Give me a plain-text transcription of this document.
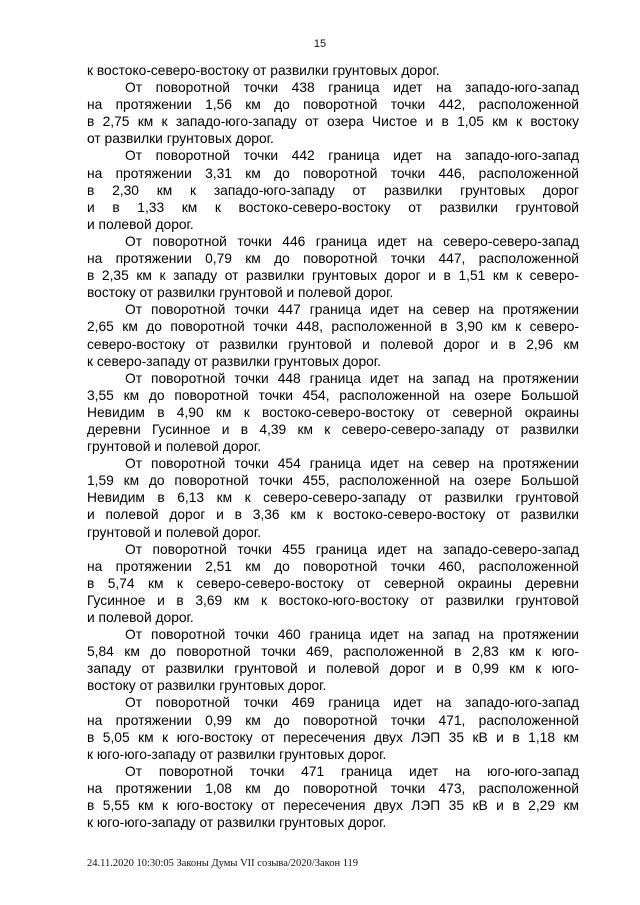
15
к востоко-северо-востоку от развилки грунтовых дорог.
От поворотной точки 438 граница идет на западо-юго-запад
на протяжении 1,56 км до поворотной точки 442, расположенной
в 2,75 км к западо-юго-западу от озера Чистое и в 1,05 км к востоку
от развилки грунтовых дорог.
От поворотной точки 442 граница идет на западо-юго-запад
на протяжении 3,31 км до поворотной точки 446, расположенной
в 2,30 км к западо-юго-западу от развилки грунтовых дорог
и в 1,33 км к востоко-северо-востоку от развилки грунтовой
и полевой дорог.
От поворотной точки 446 граница идет на северо-северо-запад
на протяжении 0,79 км до поворотной точки 447, расположенной
в 2,35 км к западу от развилки грунтовых дорог и в 1,51 км к северо-
востоку от развилки грунтовой и полевой дорог.
От поворотной точки 447 граница идет на север на протяжении
2,65 км до поворотной точки 448, расположенной в 3,90 км к северо-
северо-востоку от развилки грунтовой и полевой дорог и в 2,96 км
к северо-западу от развилки грунтовых дорог.
От поворотной точки 448 граница идет на запад на протяжении
3,55 км до поворотной точки 454, расположенной на озере Большой
Невидим в 4,90 км к востоко-северо-востоку от северной окраины
деревни Гусинное и в 4,39 км к северо-северо-западу от развилки
грунтовой и полевой дорог.
От поворотной точки 454 граница идет на север на протяжении
1,59 км до поворотной точки 455, расположенной на озере Большой
Невидим в 6,13 км к северо-северо-западу от развилки грунтовой
и полевой дорог и в 3,36 км к востоко-северо-востоку от развилки
грунтовой и полевой дорог.
От поворотной точки 455 граница идет на западо-северо-запад
на протяжении 2,51 км до поворотной точки 460, расположенной
в 5,74 км к северо-северо-востоку от северной окраины деревни
Гусинное и в 3,69 км к востоко-юго-востоку от развилки грунтовой
и полевой дорог.
От поворотной точки 460 граница идет на запад на протяжении
5,84 км до поворотной точки 469, расположенной в 2,83 км к юго-
западу от развилки грунтовой и полевой дорог и в 0,99 км к юго-
востоку от развилки грунтовых дорог.
От поворотной точки 469 граница идет на западо-юго-запад
на протяжении 0,99 км до поворотной точки 471, расположенной
в 5,05 км к юго-востоку от пересечения двух ЛЭП 35 кВ и в 1,18 км
к юго-юго-западу от развилки грунтовых дорог.
От поворотной точки 471 граница идет на юго-юго-запад
на протяжении 1,08 км до поворотной точки 473, расположенной
в 5,55 км к юго-востоку от пересечения двух ЛЭП 35 кВ и в 2,29 км
к юго-юго-западу от развилки грунтовых дорог.
24.11.2020 10:30:05 Законы Думы VII созыва/2020/Закон 119
